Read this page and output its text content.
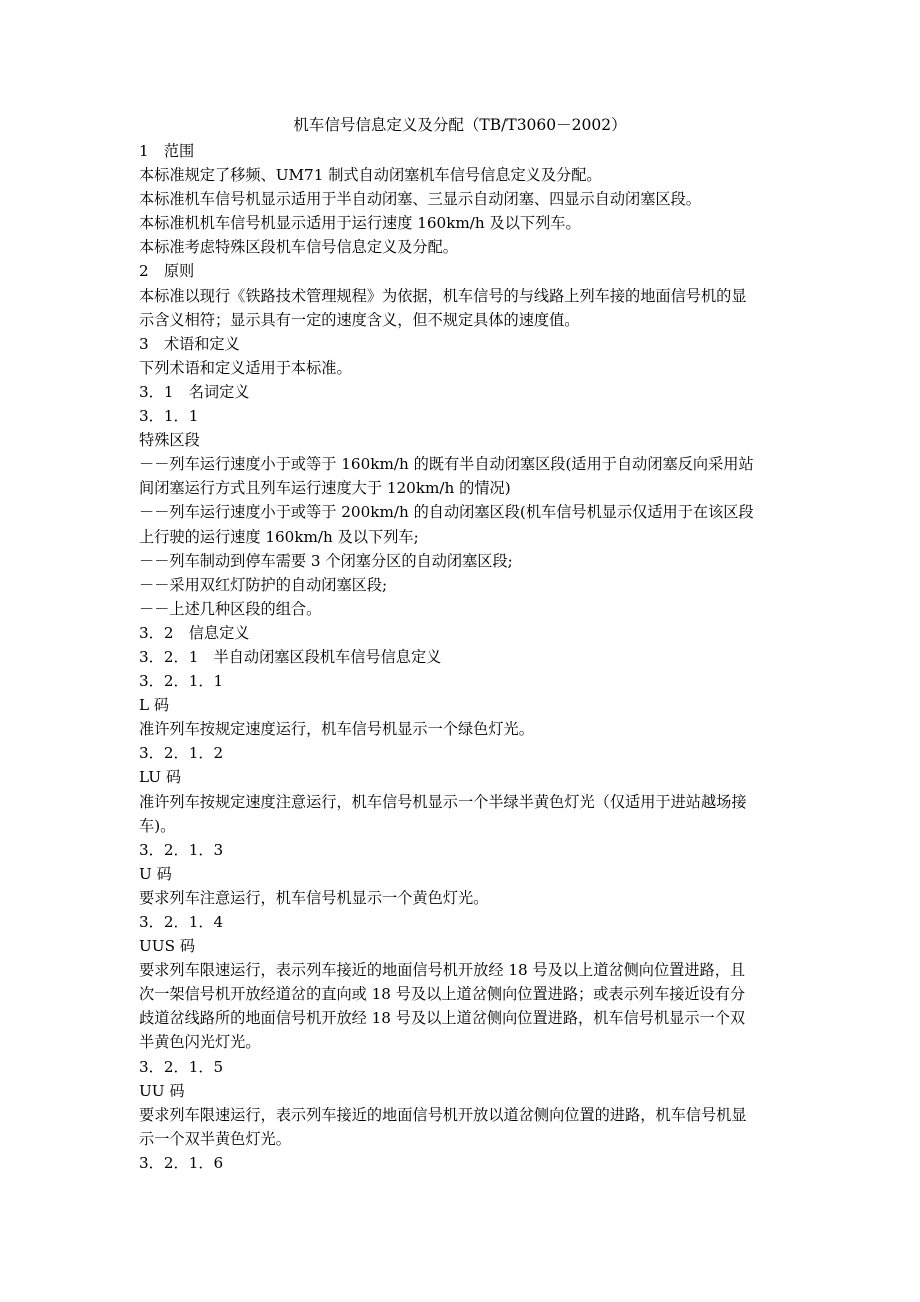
机车信号信息定义及分配（TB/T3060－2002）
1　范围
本标准规定了移频、UM71 制式自动闭塞机车信号信息定义及分配。
本标准机车信号机显示适用于半自动闭塞、三显示自动闭塞、四显示自动闭塞区段。
本标准机机车信号机显示适用于运行速度 160km/h 及以下列车。
本标准考虑特殊区段机车信号信息定义及分配。
2　原则
本标准以现行《铁路技术管理规程》为依据，机车信号的与线路上列车接的地面信号机的显
示含义相符；显示具有一定的速度含义，但不规定具体的速度值。
3　术语和定义
下列术语和定义适用于本标准。
3．1　名词定义
3．1．1
特殊区段
－－列车运行速度小于或等于 160km/h 的既有半自动闭塞区段(适用于自动闭塞反向采用站
间闭塞运行方式且列车运行速度大于 120km/h 的情况)
－－列车运行速度小于或等于 200km/h 的自动闭塞区段(机车信号机显示仅适用于在该区段
上行驶的运行速度 160km/h 及以下列车;
－－列车制动到停车需要 3 个闭塞分区的自动闭塞区段;
－－采用双红灯防护的自动闭塞区段;
－－上述几种区段的组合。
3．2　信息定义
3．2．1　半自动闭塞区段机车信号信息定义
3．2．1．1
L 码
准许列车按规定速度运行，机车信号机显示一个绿色灯光。
3．2．1．2
LU 码
准许列车按规定速度注意运行，机车信号机显示一个半绿半黄色灯光（仅适用于进站越场接
车)。
3．2．1．3
U 码
要求列车注意运行，机车信号机显示一个黄色灯光。
3．2．1．4
UUS 码
要求列车限速运行，表示列车接近的地面信号机开放经 18 号及以上道岔侧向位置进路，且
次一架信号机开放经道岔的直向或 18 号及以上道岔侧向位置进路；或表示列车接近设有分
歧道岔线路所的地面信号机开放经 18 号及以上道岔侧向位置进路，机车信号机显示一个双
半黄色闪光灯光。
3．2．1．5
UU 码
要求列车限速运行，表示列车接近的地面信号机开放以道岔侧向位置的进路，机车信号机显
示一个双半黄色灯光。
3．2．1．6
